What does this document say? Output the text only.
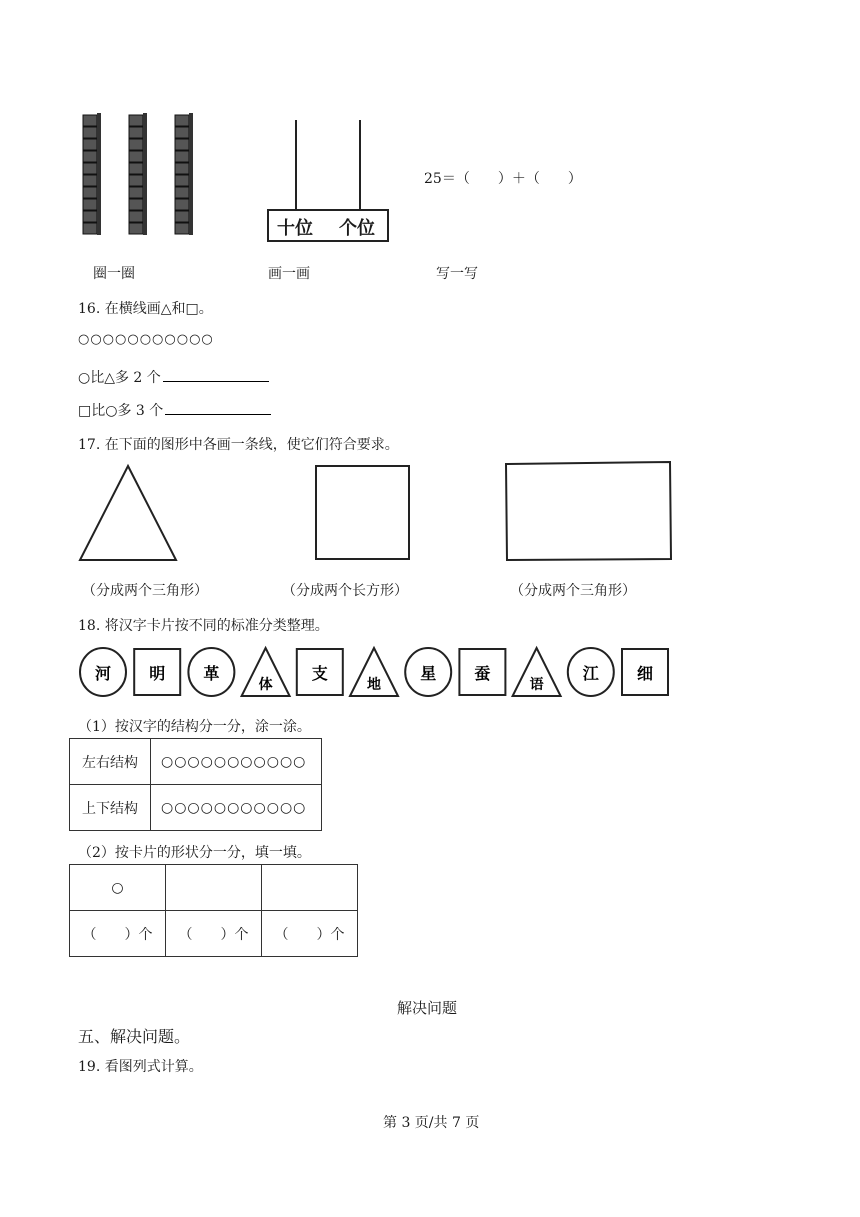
十位 个位
25＝（　　）＋（　　）
圈一圈	画一画	写一写
16. 在横线画△和□。
○○○○○○○○○○○
○比△多 2 个
□比○多 3 个
17. 在下面的图形中各画一条线，使它们符合要求。
（分成两个三角形）	（分成两个长方形）	（分成两个三角形）
18. 将汉字卡片按不同的标准分类整理。
河 明 革
体
支
地
星 蚕
语
江 细
（1）按汉字的结构分一分，涂一涂。
左右结构	○○○○○○○○○○○
上下结构	○○○○○○○○○○○
（2）按卡片的形状分一分，填一填。
○		
（　　）个	（　　）个	（　　）个
解决问题
五、解决问题。
19. 看图列式计算。
第 3 页/共 7 页
